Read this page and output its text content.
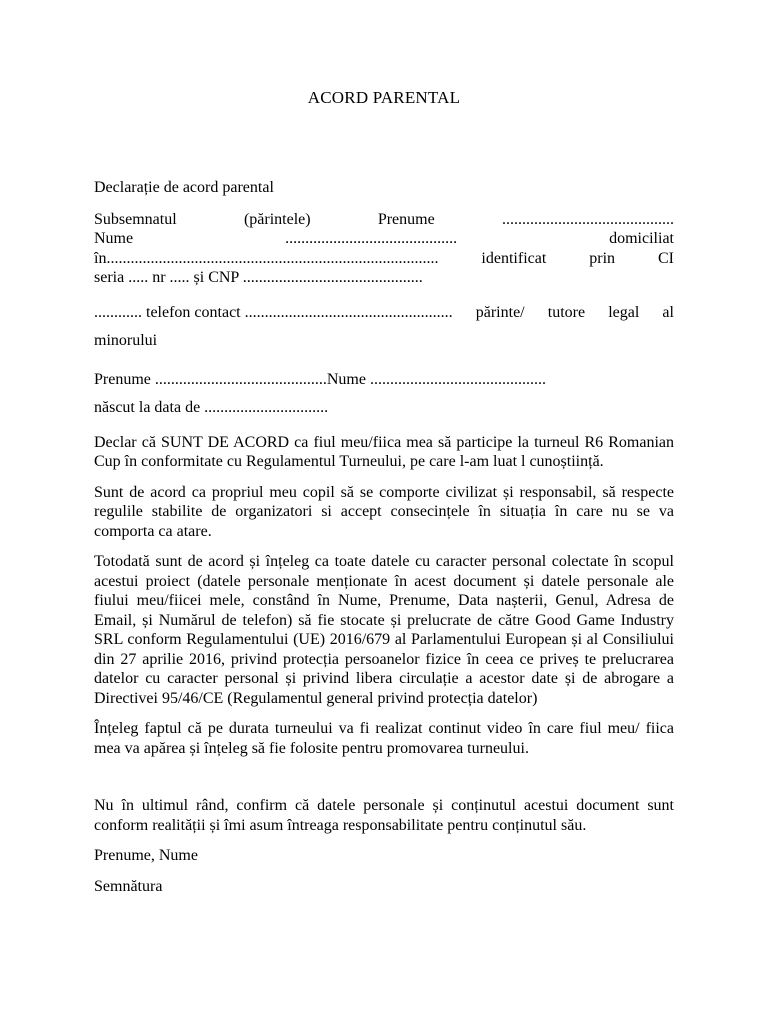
ACORD PARENTAL

Declarație de acord parental

Subsemnatul	(părintele)	Prenume	...........................................
Nume	...........................................	domiciliat
în...................................................................................	identificat	prin	CI
seria ..... nr ..... și CNP .............................................
............ telefon contact .................................................... părinte/ tutore legal al
minorului
Prenume ...........................................Nume ............................................
născut la data de ...............................

Declar că SUNT DE ACORD ca fiul meu/fiica mea să participe la turneul R6 Romanian Cup în conformitate cu Regulamentul Turneului, pe care l-am luat l cunoștiință.

Sunt de acord ca propriul meu copil să se comporte civilizat și responsabil, să respecte regulile stabilite de organizatori si accept consecințele în situația în care nu se va comporta ca atare.

Totodată sunt de acord și înțeleg ca toate datele cu caracter personal colectate în scopul acestui proiect (datele personale menționate în acest document și datele personale ale fiului meu/fiicei mele, constând în Nume, Prenume, Data nașterii, Genul, Adresa de Email, și Numărul de telefon) să fie stocate și prelucrate de către Good Game Industry SRL conform Regulamentului (UE) 2016/679 al Parlamentului European și al Consiliului din 27 aprilie 2016, privind protecția persoanelor fizice în ceea ce priveș te prelucrarea datelor cu caracter personal și privind libera circulație a acestor date și de abrogare a Directivei 95/46/CE (Regulamentul general privind protecția datelor)

Înțeleg faptul că pe durata turneului va fi realizat continut video în care fiul meu/ fiica mea va apărea și înțeleg să fie folosite pentru promovarea turneului.

Nu în ultimul rând, confirm că datele personale și conținutul acestui document sunt conform realității și îmi asum întreaga responsabilitate pentru conținutul său.

Prenume, Nume

Semnătura
